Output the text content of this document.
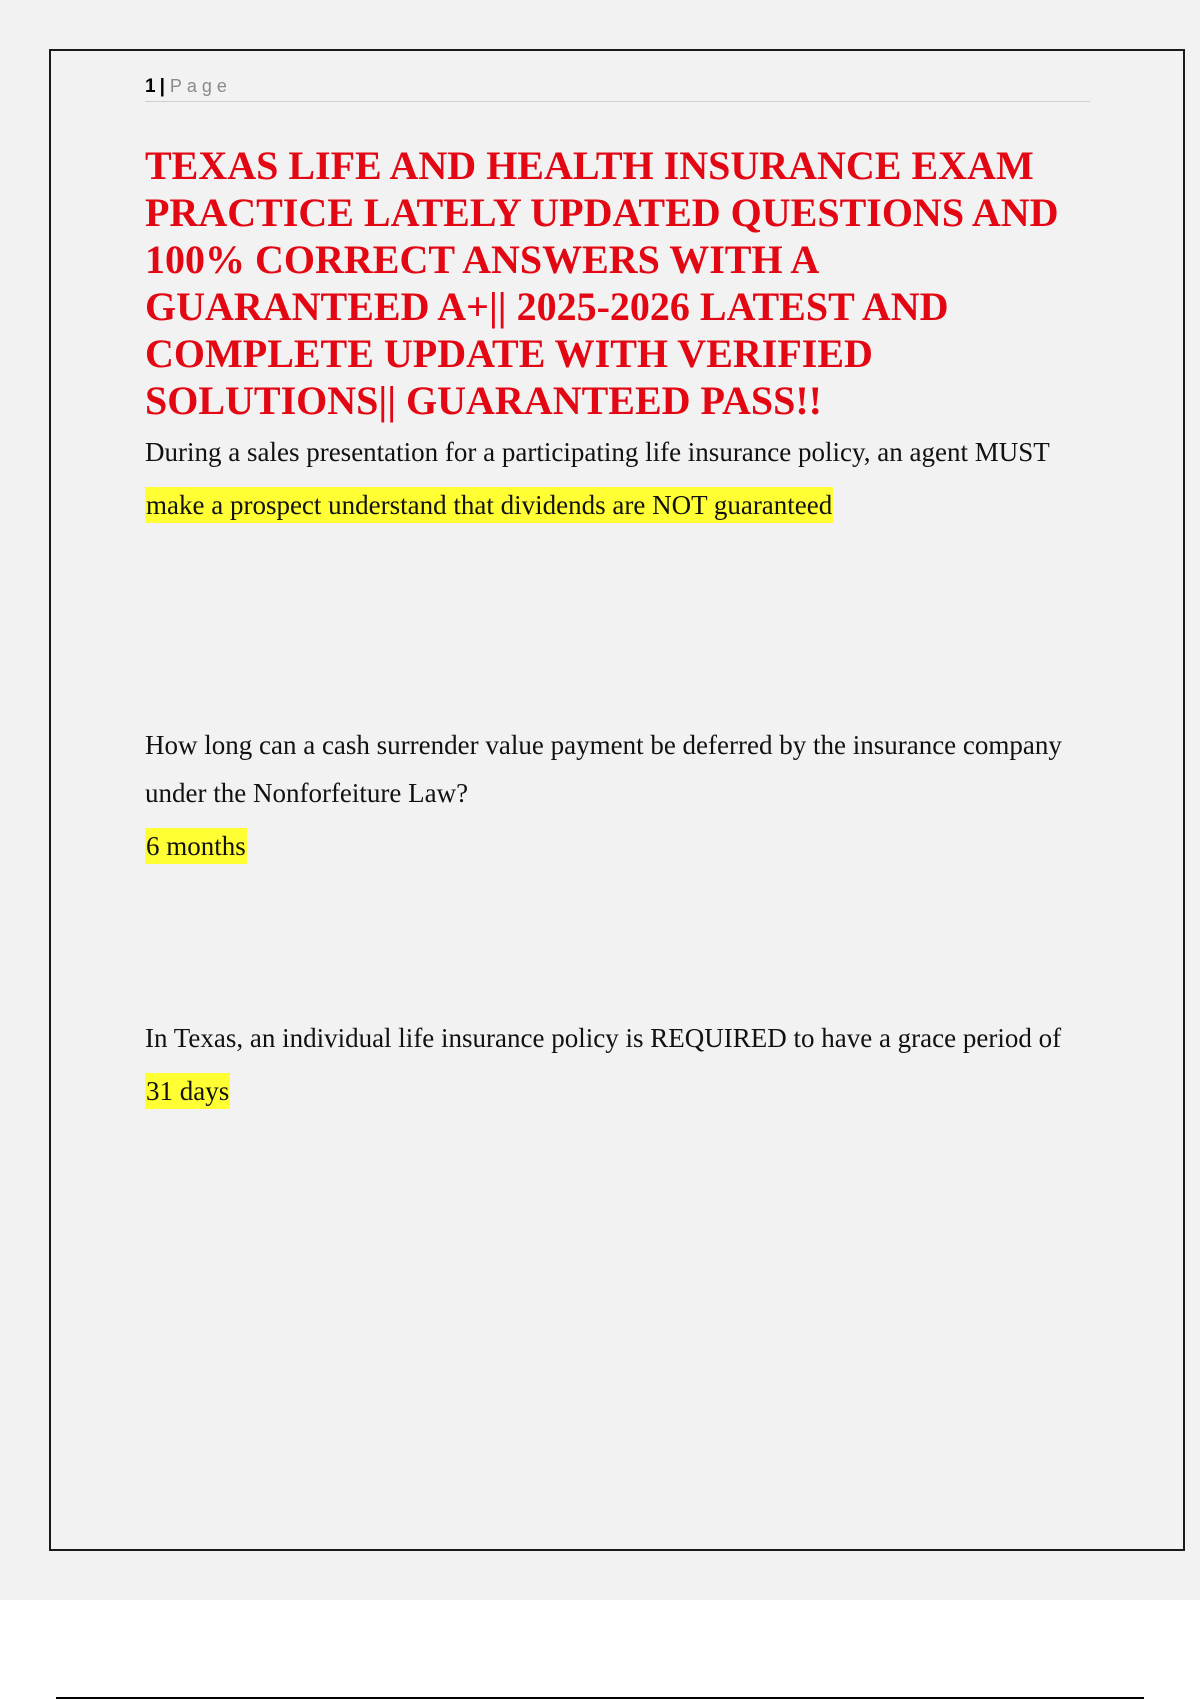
1 | Page
TEXAS LIFE AND HEALTH INSURANCE EXAM PRACTICE LATELY UPDATED QUESTIONS AND 100% CORRECT ANSWERS WITH A GUARANTEED A+|| 2025-2026 LATEST AND COMPLETE UPDATE WITH VERIFIED SOLUTIONS|| GUARANTEED PASS!!

During a sales presentation for a participating life insurance policy, an agent MUST

make a prospect understand that dividends are NOT guaranteed

How long can a cash surrender value payment be deferred by the insurance company under the Nonforfeiture Law?

6 months

In Texas, an individual life insurance policy is REQUIRED to have a grace period of

31 days
